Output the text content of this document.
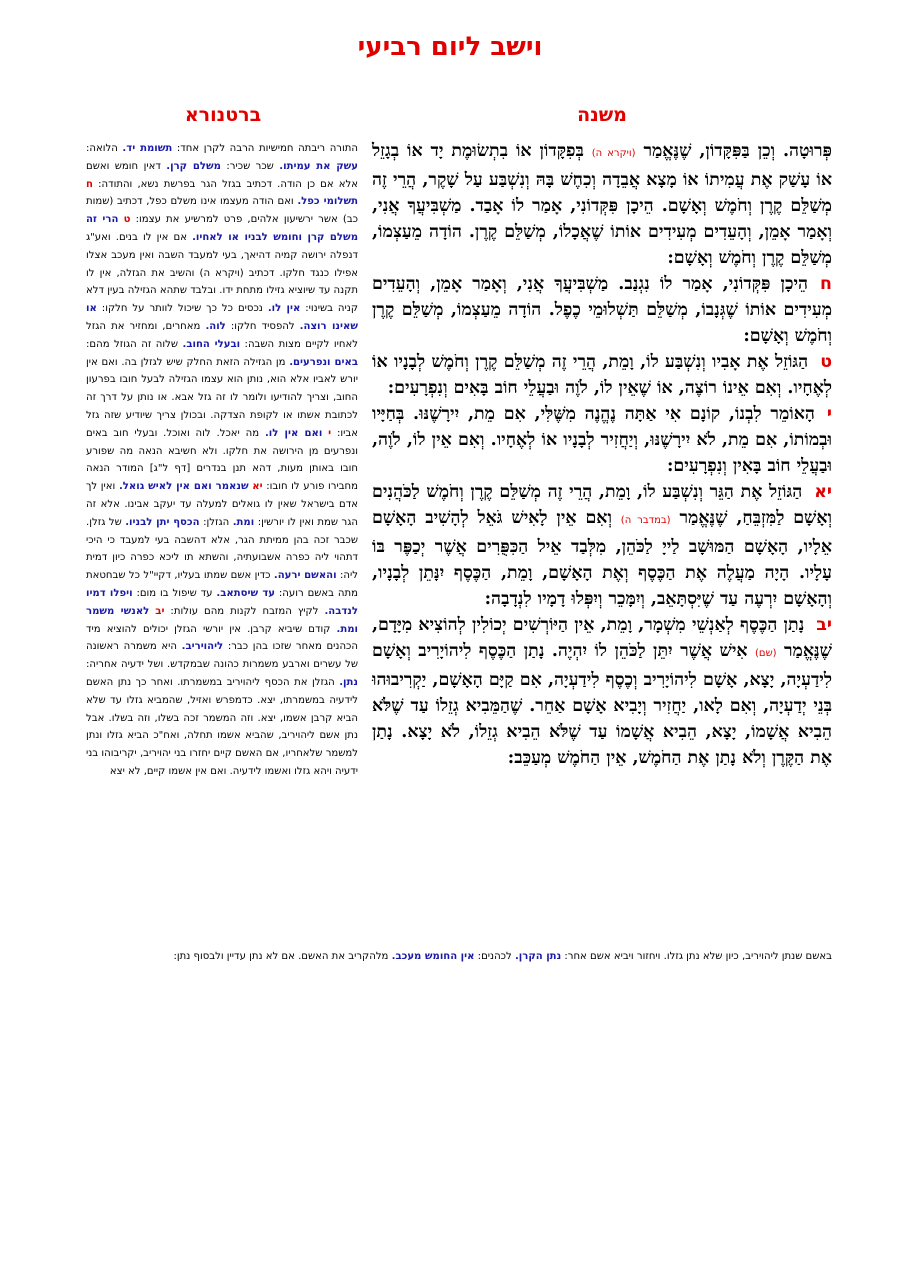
וישב ליום רביעי
משנה
ברטנורא

פְּרוּטָה. וְכֵן בַּפִּקָּדוֹן, שֶׁנֶּאֱמַר (ויקרא ה) בְּפִקָּדוֹן אוֹ בִתְשׂוּמֶת יָד אוֹ בְגָזֵל אוֹ עָשַׁק אֶת עֲמִיתוֹ אוֹ מָצָא אֲבֵדָה וְכִחֶשׁ בָּהּ וְנִשְׁבַּע עַל שָׁקֶר, הֲרֵי זֶה מְשַׁלֵּם קֶרֶן וְחֹמֶשׁ וְאָשָׁם. הֵיכָן פִּקְּדוֹנִי, אָמַר לוֹ אָבַד. מַשְׁבִּיעֲךָ אֲנִי, וְאָמַר אָמֵן, וְהָעֵדִים מְעִידִים אוֹתוֹ שֶׁאֲכָלוֹ, מְשַׁלֵּם קֶרֶן. הוֹדָה מֵעַצְמוֹ, מְשַׁלֵּם קֶרֶן וְחֹמֶשׁ וְאָשָׁם:

חהֵיכָן פִּקְּדוֹנִי, אָמַר לוֹ נִגְנַב. מַשְׁבִּיעֲךָ אֲנִי, וְאָמַר אָמֵן, וְהָעֵדִים מְעִידִים אוֹתוֹ שֶׁגְּנָבוֹ, מְשַׁלֵּם תַּשְׁלוּמֵי כֶפֶל. הוֹדָה מֵעַצְמוֹ, מְשַׁלֵּם קֶרֶן וְחֹמֶשׁ וְאָשָׁם:

טהַגּוֹזֵל אֶת אָבִיו וְנִשְׁבַּע לוֹ, וָמֵת, הֲרֵי זֶה מְשַׁלֵּם קֶרֶן וְחֹמֶשׁ לְבָנָיו אוֹ לְאֶחָיו. וְאִם אֵינוֹ רוֹצֶה, אוֹ שֶׁאֵין לוֹ, לֹוֶה וּבַעֲלֵי חוֹב בָּאִים וְנִפְרָעִים:

יהָאוֹמֵר לִבְנוֹ, קוֹנָם אִי אַתָּה נֶהֱנֶה מִשֶּׁלִּי, אִם מֵת, יִירָשֶׁנּוּ. בְּחַיָּיו וּבְמוֹתוֹ, אִם מֵת, לֹא יִירָשֶׁנּוּ, וְיַחֲזִיר לְבָנָיו אוֹ לְאֶחָיו. וְאִם אֵין לוֹ, לֹוֶה, וּבַעֲלֵי חוֹב בָּאִין וְנִפְרָעִים:

יאהַגּוֹזֵל אֶת הַגֵּר וְנִשְׁבַּע לוֹ, וָמֵת, הֲרֵי זֶה מְשַׁלֵּם קֶרֶן וְחֹמֶשׁ לַכֹּהֲנִים וְאָשָׁם לַמִּזְבֵּחַ, שֶׁנֶּאֱמַר (במדבר ה) וְאִם אֵין לָאִישׁ גֹּאֵל לְהָשִׁיב הָאָשָׁם אֵלָיו, הָאָשָׁם הַמּוּשָׁב לַייָ לַכֹּהֵן, מִלְּבַד אֵיל הַכִּפֻּרִים אֲשֶׁר יְכַפֶּר בּוֹ עָלָיו. הָיָה מַעֲלֶה אֶת הַכֶּסֶף וְאֶת הָאָשָׁם, וָמֵת, הַכֶּסֶף יִנָּתֵן לְבָנָיו, וְהָאָשָׁם יִרְעֶה עַד שֶׁיִּסְתָּאֵב, וְיִמָּכֵר וְיִפְּלוּ דָמָיו לִנְדָבָה:

יבנָתַן הַכֶּסֶף לְאַנְשֵׁי מִשְׁמָר, וָמֵת, אֵין הַיּוֹרְשִׁים יְכוֹלִין לְהוֹצִיא מִיָּדָם, שֶׁנֶּאֱמַר (שם) אִישׁ אֲשֶׁר יִתֵּן לַכֹּהֵן לוֹ יִהְיֶה. נָתַן הַכֶּסֶף לִיהוֹיָרִיב וְאָשָׁם לִידַעְיָה, יָצָא, אָשָׁם לִיהוֹיָרִיב וְכֶסֶף לִידַעְיָה, אִם קַיָּם הָאָשָׁם, יַקְרִיבוּהוּ בְּנֵי יְדַעְיָה, וְאִם לָאו, יַחֲזִיר וְיָבִיא אָשָׁם אַחֵר. שֶׁהַמֵּבִיא גְזֵלוֹ עַד שֶׁלֹּא הֵבִיא אֲשָׁמוֹ, יָצָא, הֵבִיא אֲשָׁמוֹ עַד שֶׁלֹּא הֵבִיא גְזֵלוֹ, לֹא יָצָא. נָתַן אֶת הַקֶּרֶן וְלֹא נָתַן אֶת הַחֹמֶשׁ, אֵין הַחֹמֶשׁ מְעַכֵּב:

התורה ריבתה חמישיות הרבה לקרן אחד: תשומת יד. הלואה: עשק את עמיתו. שכר שכיר: משלם קרן. דאין חומש ואשם אלא אם כן הודה. דכתיב בגזל הגר בפרשת נשא, והתודה: ח תשלומי כפל. ואם הודה מעצמו אינו משלם כפל, דכתיב (שמות כב) אשר ירשיעון אלהים, פרט למרשיע את עצמו: ט הרי זה משלם קרן וחומש לבניו או לאחיו. אם אין לו בנים. ואע"ג דנפלה ירושה קמיה דהיאך, בעי למעבד השבה ואין מעכב אצלו אפילו כנגד חלקו. דכתיב (ויקרא ה) והשיב את הגזלה, אין לו תקנה עד שיוציא גזילו מתחת ידו. ובלבד שתהא הגזילה בעין דלא קניה בשינוי: אין לו. נכסים כל כך שיכול לוותר על חלקו: או שאינו רוצה. להפסיד חלקו: לוה. מאחרים, ומחזיר את הגזל לאחיו לקיים מצות השבה: ובעלי החוב. שלוה זה הגוזל מהם: באים ונפרעים. מן הגזילה הזאת החלק שיש לגזלן בה. ואם אין יורש לאביו אלא הוא, נותן הוא עצמו הגזילה לבעל חובו בפרעון החוב, וצריך להודיעו ולומר לו זה גזל אבא. או נותן על דרך זה לכתובת אשתו או לקופת הצדקה. ובכולן צריך שיודיע שזה גזל אביו: י ואם אין לו. מה יאכל. לוה ואוכל. ובעלי חוב באים ונפרעים מן הירושה את חלקו. ולא חשיבא הנאה מה שפורע חובו באותן מעות, דהא תנן בנדרים [דף ל"ג] המודר הנאה מחבירו פורע לו חובו: יא שנאמר ואם אין לאיש גואל. ואין לך אדם בישראל שאין לו גואלים למעלה עד יעקב אבינו. אלא זה הגר שמת ואין לו יורשין: ומת. הגזלן: הכסף יתן לבניו. של גזלן. שכבר זכה בהן ממיתת הגר, אלא דהשבה בעי למעבד כי היכי דתהוי ליה כפרה אשבועתיה, והשתא תו ליכא כפרה כיון דמית ליה: והאשם ירעה. כדין אשם שמתו בעליו, דקיי"ל כל שבחטאת מתה באשם רועה: עד שיסתאב. עד שיפול בו מום: ויפלו דמיו לנדבה. לקיץ המזבח לקנות מהם עולות: יב לאנשי משמר ומת. קודם שיביא קרבן. אין יורשי הגזלן יכולים להוציא מיד הכהנים מאחר שזכו בהן כבר: ליהויריב. היא משמרה ראשונה של עשרים וארבע משמרות כהונה שבמקדש. ושל ידעיה אחריה: נתן. הגזלן את הכסף ליהויריב במשמרתו. ואחר כך נתן האשם לידעיה במשמרתו, יצא. כדמפרש ואזיל, שהמביא גזלו עד שלא הביא קרבן אשמו, יצא. וזה המשמר זכה בשלו, וזה בשלו. אבל נתן אשם ליהויריב, שהביא אשמו תחלה, ואח"כ הביא גזלו ונתן למשמר שלאחריו, אם האשם קיים יחזרו בני יהויריב, יקריבוהו בני ידעיה ויהא גזלו ואשמו לידעיה. ואם אין אשמו קיים, לא יצא
באשם שנתן ליהויריב, כיון שלא נתן גזלו. ויחזור ויביא אשם אחר: נתן הקרן. לכהנים: אין החומש מעכב. מלהקריב את האשם. אם לא נתן עדיין ולבסוף נתן:
